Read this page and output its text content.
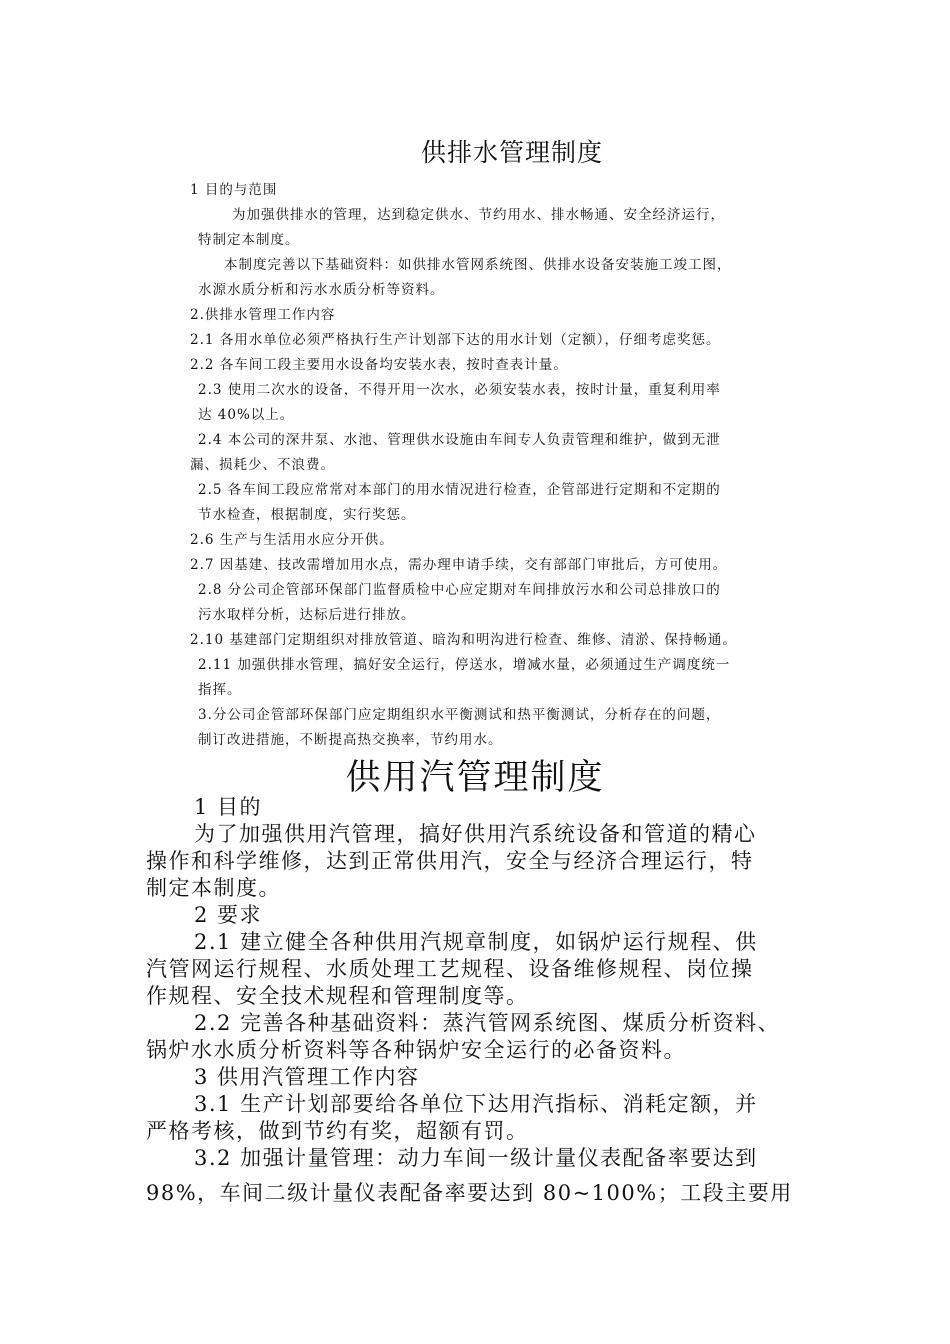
供排水管理制度

1 目的与范围

为加强供排水的管理，达到稳定供水、节约用水、排水畅通、安全经济运行，

特制定本制度。

本制度完善以下基础资料：如供排水管网系统图、供排水设备安装施工竣工图，

水源水质分析和污水水质分析等资料。

2.供排水管理工作内容

2.1 各用水单位必须严格执行生产计划部下达的用水计划（定额），仔细考虑奖惩。

2.2 各车间工段主要用水设备均安装水表，按时查表计量。

2.3 使用二次水的设备，不得开用一次水，必须安装水表，按时计量，重复利用率

达 40%以上。

2.4 本公司的深井泵、水池、管理供水设施由车间专人负责管理和维护，做到无泄

漏、损耗少、不浪费。

2.5 各车间工段应常常对本部门的用水情况进行检查，企管部进行定期和不定期的

节水检查，根据制度，实行奖惩。

2.6 生产与生活用水应分开供。

2.7 因基建、技改需增加用水点，需办理申请手续，交有部部门审批后，方可使用。

2.8 分公司企管部环保部门监督质检中心应定期对车间排放污水和公司总排放口的

污水取样分析，达标后进行排放。

2.10 基建部门定期组织对排放管道、暗沟和明沟进行检查、维修、清淤、保持畅通。

2.11 加强供排水管理，搞好安全运行，停送水，增减水量，必须通过生产调度统一

指挥。

3.分公司企管部环保部门应定期组织水平衡测试和热平衡测试，分析存在的问题，

制订改进措施，不断提高热交换率，节约用水。

供用汽管理制度

1 目的

为了加强供用汽管理，搞好供用汽系统设备和管道的精心

操作和科学维修，达到正常供用汽，安全与经济合理运行，特

制定本制度。

2 要求

2.1 建立健全各种供用汽规章制度，如锅炉运行规程、供

汽管网运行规程、水质处理工艺规程、设备维修规程、岗位操

作规程、安全技术规程和管理制度等。

2.2 完善各种基础资料：蒸汽管网系统图、煤质分析资料、

锅炉水水质分析资料等各种锅炉安全运行的必备资料。

3 供用汽管理工作内容

3.1 生产计划部要给各单位下达用汽指标、消耗定额，并

严格考核，做到节约有奖，超额有罚。

3.2 加强计量管理：动力车间一级计量仪表配备率要达到

98%，车间二级计量仪表配备率要达到 80~100%；工段主要用
